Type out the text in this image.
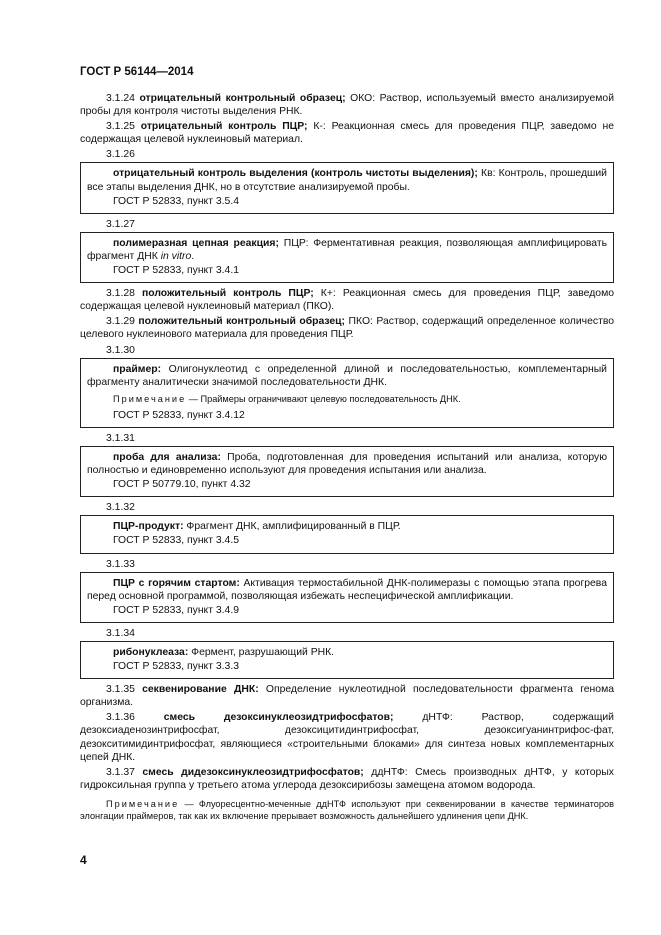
ГОСТ Р 56144—2014

3.1.24 отрицательный контрольный образец; ОКО: Раствор, используемый вместо анализируемой пробы для контроля чистоты выделения РНК.

3.1.25 отрицательный контроль ПЦР; К-: Реакционная смесь для проведения ПЦР, заведомо не содержащая целевой нуклеиновый материал.

3.1.26

отрицательный контроль выделения (контроль чистоты выделения); Кв: Контроль, прошедший все этапы выделения ДНК, но в отсутствие анализируемой пробы.

ГОСТ Р 52833, пункт 3.5.4
3.1.27

полимеразная цепная реакция; ПЦР: Ферментативная реакция, позволяющая амплифицировать фрагмент ДНК in vitro.

ГОСТ Р 52833, пункт 3.4.1

3.1.28 положительный контроль ПЦР; К+: Реакционная смесь для проведения ПЦР, заведомо содержащая целевой нуклеиновый материал (ПКО).

3.1.29 положительный контрольный образец; ПКО: Раствор, содержащий определенное количество целевого нуклеинового материала для проведения ПЦР.

3.1.30

праймер: Олигонуклеотид с определенной длиной и последовательностью, комплементарный фрагменту аналитически значимой последовательности ДНК.

Примечание — Праймеры ограничивают целевую последовательность ДНК.

ГОСТ Р 52833, пункт 3.4.12
3.1.31

проба для анализа: Проба, подготовленная для проведения испытаний или анализа, которую полностью и единовременно используют для проведения испытания или анализа.

ГОСТ Р 50779.10, пункт 4.32
3.1.32

ПЦР-продукт: Фрагмент ДНК, амплифицированный в ПЦР.

ГОСТ Р 52833, пункт 3.4.5
3.1.33

ПЦР с горячим стартом: Активация термостабильной ДНК-полимеразы с помощью этапа прогрева перед основной программой, позволяющая избежать неспецифической амплификации.

ГОСТ Р 52833, пункт 3.4.9
3.1.34

рибонуклеаза: Фермент, разрушающий РНК.

ГОСТ Р 52833, пункт 3.3.3

3.1.35 секвенирование ДНК: Определение нуклеотидной последовательности фрагмента генома организма.

3.1.36	смесь дезоксинуклеозидтрифосфатов; дНТФ: Раствор, содержащий дезоксиаденозинтрифосфат, дезоксицитидинтрифосфат, дезоксигуанинтрифос-фат, дезокситимидинтрифосфат, являющиеся «строительными блоками» для синтеза новых комплементарных цепей ДНК.

3.1.37 смесь дидезоксинуклеозидтрифосфатов; ддНТФ: Смесь производных дНТФ, у которых гидроксильная группа у третьего атома углерода дезоксирибозы замещена атомом водорода.

Примечание — Флуоресцентно-меченные ддНТФ используют при секвенировании в качестве терминаторов элонгации праймеров, так как их включение прерывает возможность дальнейшего удлинения цепи ДНК.

4
